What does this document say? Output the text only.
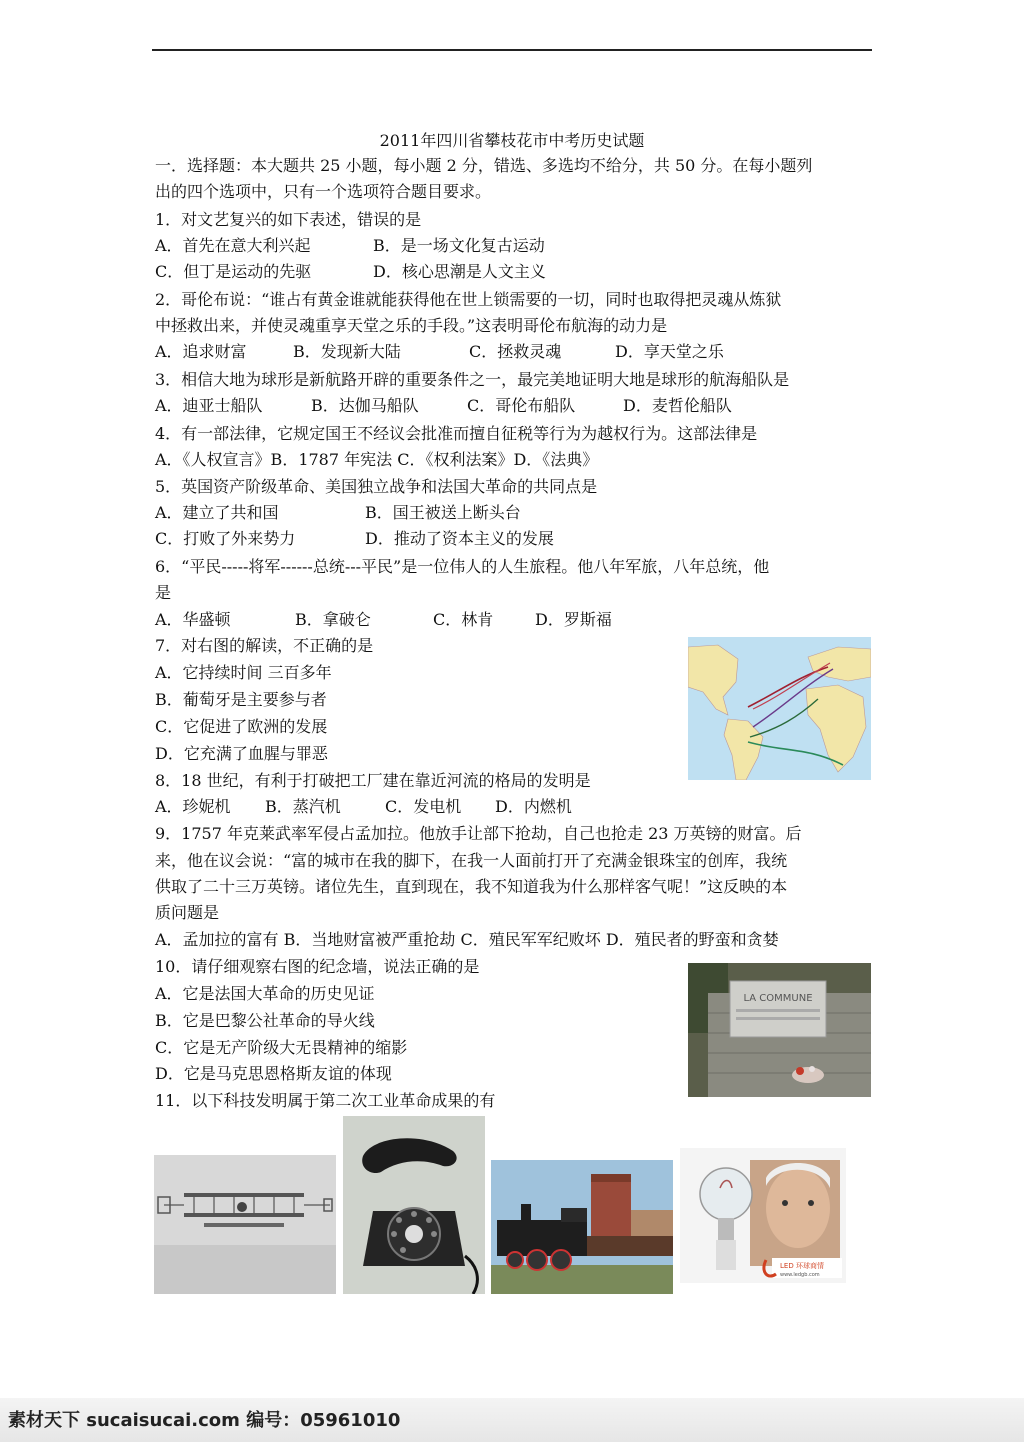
2011年四川省攀枝花市中考历史试题
一．选择题：本大题共 25 小题，每小题 2 分，错选、多选均不给分，共 50 分。在每小题列
出的四个选项中，只有一个选项符合题目要求。
1．对文艺复兴的如下表述，错误的是
A．首先在意大利兴起	B．是一场文化复古运动
C．但丁是运动的先驱	D．核心思潮是人文主义
2．哥伦布说：“谁占有黄金谁就能获得他在世上锁需要的一切，同时也取得把灵魂从炼狱
中拯救出来，并使灵魂重享天堂之乐的手段。”这表明哥伦布航海的动力是
A．追求财富	B．发现新大陆	C．拯救灵魂	D．享天堂之乐
3．相信大地为球形是新航路开辟的重要条件之一，最完美地证明大地是球形的航海船队是
A．迪亚士船队	B．达伽马船队	C．哥伦布船队	D．麦哲伦船队
4．有一部法律，它规定国王不经议会批准而擅自征税等行为为越权行为。这部法律是
A．《人权宣言》B．1787 年宪法 C．《权利法案》D．《法典》
5．英国资产阶级革命、美国独立战争和法国大革命的共同点是
A．建立了共和国	B．国王被送上断头台
C．打败了外来势力	D．推动了资本主义的发展
6．“平民-----将军------总统---平民”是一位伟人的人生旅程。他八年军旅，八年总统，他
是
A．华盛顿	B．拿破仑	C．林肯	D．罗斯福
7．对右图的解读，不正确的是
A．它持续时间 三百多年
B．葡萄牙是主要参与者
C．它促进了欧洲的发展
D．它充满了血腥与罪恶
8．18 世纪，有利于打破把工厂建在靠近河流的格局的发明是
A．珍妮机 B．蒸汽机	C．发电机 D．内燃机
9．1757 年克莱武率军侵占孟加拉。他放手让部下抢劫，自己也抢走 23 万英镑的财富。后
来，他在议会说：“富的城市在我的脚下，在我一人面前打开了充满金银珠宝的创库，我统
供取了二十三万英镑。诸位先生，直到现在，我不知道我为什么那样客气呢！”这反映的本
质问题是
A．孟加拉的富有 B．当地财富被严重抢劫 C．殖民军军纪败坏 D．殖民者的野蛮和贪婪
10．请仔细观察右图的纪念墙，说法正确的是
A．它是法国大革命的历史见证
B．它是巴黎公社革命的导火线
C．它是无产阶级大无畏精神的缩影
D．它是马克思恩格斯友谊的体现
LA COMMUNE
11．以下科技发明属于第二次工业革命成果的有
LED 环球商情
www.ledgb.com
素材天下 sucaisucai.com 编号：05961010
